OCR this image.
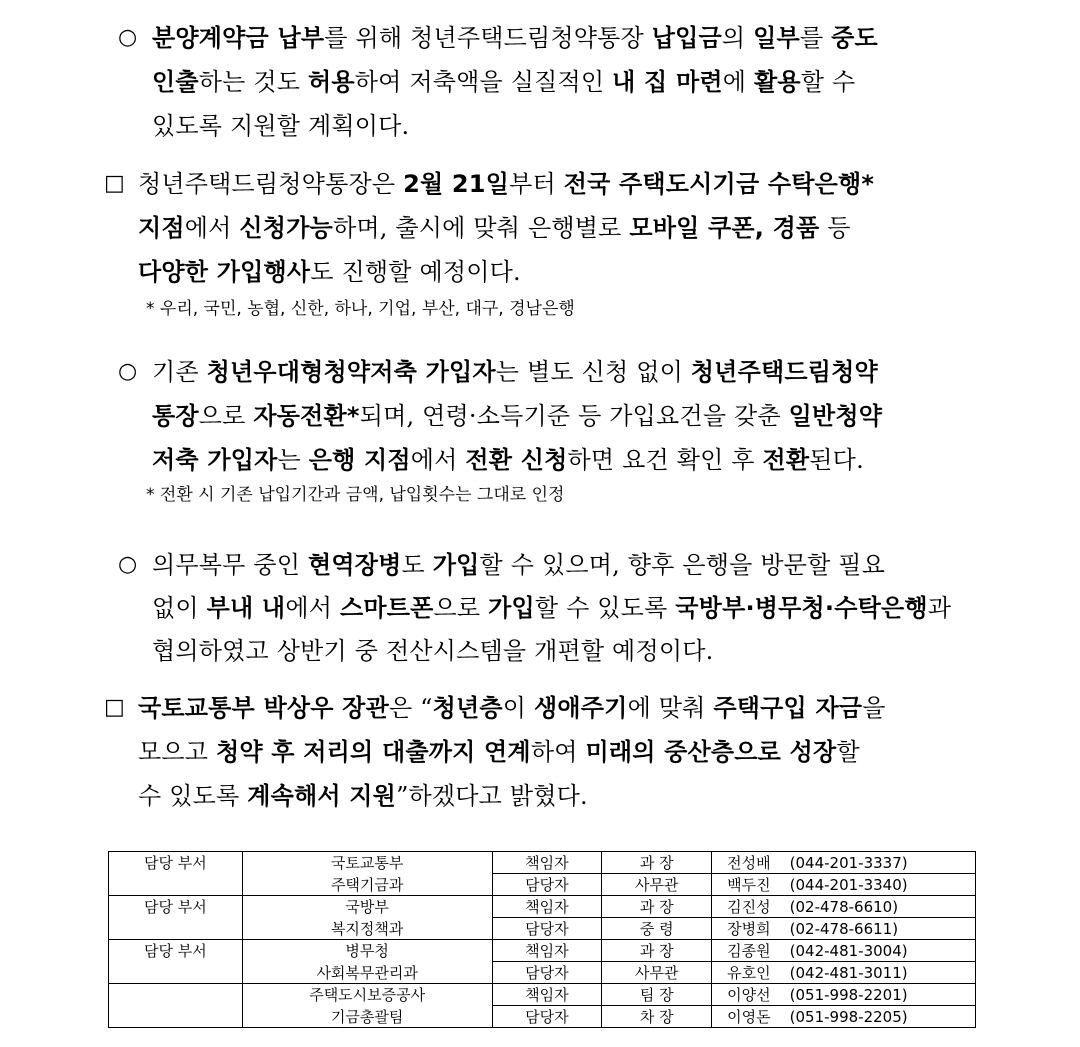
○ 분양계약금 납부를 위해 청년주택드림청약통장 납입금의 일부를 중도
인출하는 것도 허용하여 저축액을 실질적인 내 집 마련에 활용할 수
있도록 지원할 계획이다.
□ 청년주택드림청약통장은 2월 21일부터 전국 주택도시기금 수탁은행*
지점에서 신청가능하며, 출시에 맞춰 은행별로 모바일 쿠폰, 경품 등
다양한 가입행사도 진행할 예정이다.
* 우리, 국민, 농협, 신한, 하나, 기업, 부산, 대구, 경남은행
○ 기존 청년우대형청약저축 가입자는 별도 신청 없이 청년주택드림청약
통장으로 자동전환*되며, 연령·소득기준 등 가입요건을 갖춘 일반청약
저축 가입자는 은행 지점에서 전환 신청하면 요건 확인 후 전환된다.
* 전환 시 기존 납입기간과 금액, 납입횟수는 그대로 인정
○ 의무복무 중인 현역장병도 가입할 수 있으며, 향후 은행을 방문할 필요
없이 부내 내에서 스마트폰으로 가입할 수 있도록 국방부·병무청·수탁은행과
협의하였고 상반기 중 전산시스템을 개편할 예정이다.
□ 국토교통부 박상우 장관은 “청년층이 생애주기에 맞춰 주택구입 자금을
모으고 청약 후 저리의 대출까지 연계하여 미래의 중산층으로 성장할
수 있도록 계속해서 지원”하겠다고 밝혔다.
담당 부서	국토교통부	책임자	과 장	전성배	(044-201-3337)
	주택기금과	담당자	사무관	백두진	(044-201-3340)
담당 부서	국방부	책임자	과 장	김진성	(02-478-6610)
	복지정책과	담당자	중 령	장병희	(02-478-6611)
담당 부서	병무청	책임자	과 장	김종원	(042-481-3004)
	사회복무관리과	담당자	사무관	유호인	(042-481-3011)
	주택도시보증공사	책임자	팀 장	이양선	(051-998-2201)
	기금총괄팀	담당자	차 장	이영돈	(051-998-2205)
